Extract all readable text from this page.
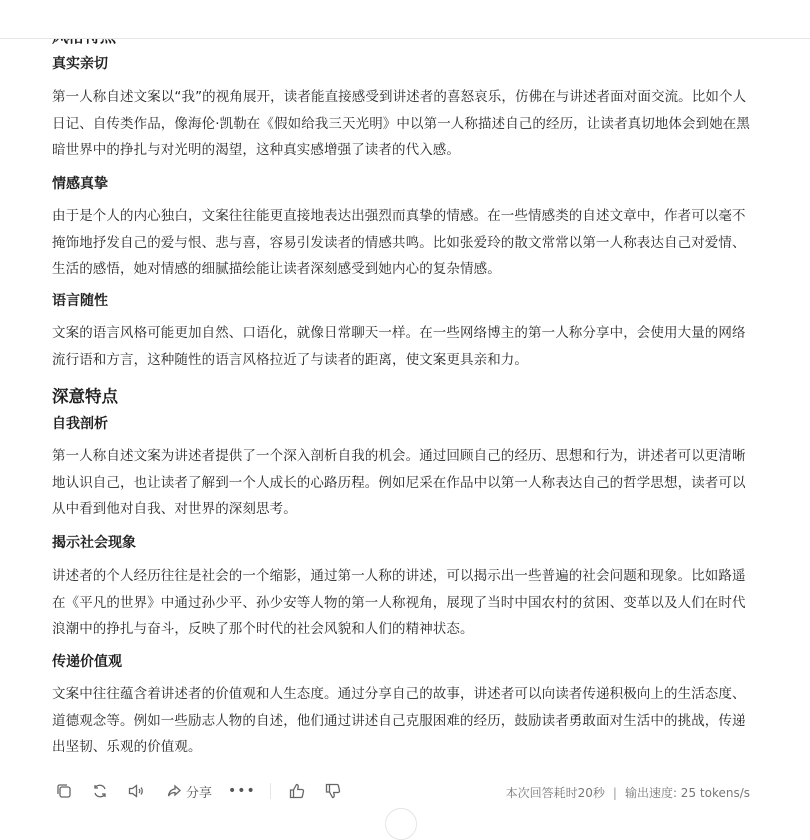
真实亲切

第一人称自述文案以“我”的视角展开，读者能直接感受到讲述者的喜怒哀乐，仿佛在与讲述者面对面交流。比如个人日记、自传类作品，像海伦·凯勒在《假如给我三天光明》中以第一人称描述自己的经历，让读者真切地体会到她在黑暗世界中的挣扎与对光明的渴望，这种真实感增强了读者的代入感。

情感真挚

由于是个人的内心独白，文案往往能更直接地表达出强烈而真挚的情感。在一些情感类的自述文章中，作者可以毫不掩饰地抒发自己的爱与恨、悲与喜，容易引发读者的情感共鸣。比如张爱玲的散文常常以第一人称表达自己对爱情、生活的感悟，她对情感的细腻描绘能让读者深刻感受到她内心的复杂情感。

语言随性

文案的语言风格可能更加自然、口语化，就像日常聊天一样。在一些网络博主的第一人称分享中，会使用大量的网络流行语和方言，这种随性的语言风格拉近了与读者的距离，使文案更具亲和力。

深意特点
自我剖析

第一人称自述文案为讲述者提供了一个深入剖析自我的机会。通过回顾自己的经历、思想和行为，讲述者可以更清晰地认识自己，也让读者了解到一个人成长的心路历程。例如尼采在作品中以第一人称表达自己的哲学思想，读者可以从中看到他对自我、对世界的深刻思考。

揭示社会现象

讲述者的个人经历往往是社会的一个缩影，通过第一人称的讲述，可以揭示出一些普遍的社会问题和现象。比如路遥在《平凡的世界》中通过孙少平、孙少安等人物的第一人称视角，展现了当时中国农村的贫困、变革以及人们在时代浪潮中的挣扎与奋斗，反映了那个时代的社会风貌和人们的精神状态。

传递价值观

文案中往往蕴含着讲述者的价值观和人生态度。通过分享自己的故事，讲述者可以向读者传递积极向上的生活态度、道德观念等。例如一些励志人物的自述，他们通过讲述自己克服困难的经历，鼓励读者勇敢面对生活中的挑战，传递出坚韧、乐观的价值观。

分享 •••	本次回答耗时20秒 | 输出速度: 25 tokens/s
